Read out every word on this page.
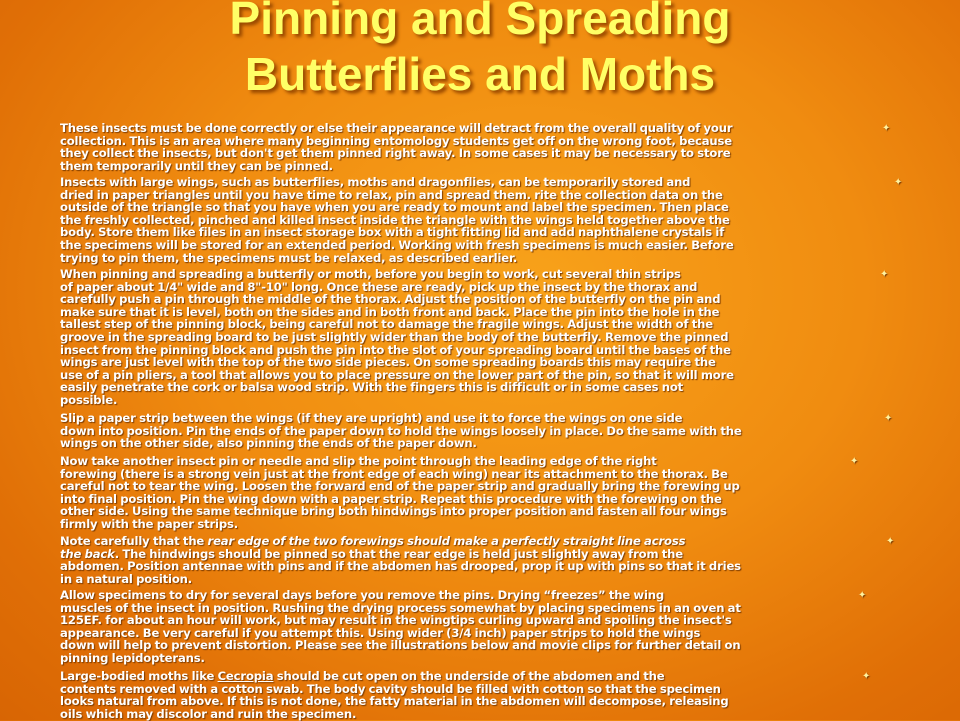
Pinning and Spreading
Butterflies and Moths
These insects must be done correctly or else their appearance will detract from the overall quality of your
collection. This is an area where many beginning entomology students get off on the wrong foot, because
they collect the insects, but don't get them pinned right away. In some cases it may be necessary to store
them temporarily until they can be pinned.
✦
Insects with large wings, such as butterflies, moths and dragonflies, can be temporarily stored and
dried in paper triangles until you have time to relax, pin and spread them. rite the collection data on the
outside of the triangle so that you have when you are ready to mount and label the specimen. Then place
the freshly collected, pinched and killed insect inside the triangle with the wings held together above the
body. Store them like files in an insect storage box with a tight fitting lid and add naphthalene crystals if
the specimens will be stored for an extended period. Working with fresh specimens is much easier. Before
trying to pin them, the specimens must be relaxed, as described earlier.
✦
When pinning and spreading a butterfly or moth, before you begin to work, cut several thin strips
of paper about 1/4" wide and 8"-10" long. Once these are ready, pick up the insect by the thorax and
carefully push a pin through the middle of the thorax. Adjust the position of the butterfly on the pin and
make sure that it is level, both on the sides and in both front and back. Place the pin into the hole in the
tallest step of the pinning block, being careful not to damage the fragile wings. Adjust the width of the
groove in the spreading board to be just slightly wider than the body of the butterfly. Remove the pinned
insect from the pinning block and push the pin into the slot of your spreading board until the bases of the
wings are just level with the top of the two side pieces. On some spreading boards this may require the
use of a pin pliers, a tool that allows you to place pressure on the lower part of the pin, so that it will more
easily penetrate the cork or balsa wood strip. With the fingers this is difficult or in some cases not
possible.
✦
Slip a paper strip between the wings (if they are upright) and use it to force the wings on one side
down into position. Pin the ends of the paper down to hold the wings loosely in place. Do the same with the
wings on the other side, also pinning the ends of the paper down.
✦
Now take another insect pin or needle and slip the point through the leading edge of the right
forewing (there is a strong vein just at the front edge of each wing) near its attachment to the thorax. Be
careful not to tear the wing. Loosen the forward end of the paper strip and gradually bring the forewing up
into final position. Pin the wing down with a paper strip. Repeat this procedure with the forewing on the
other side. Using the same technique bring both hindwings into proper position and fasten all four wings
firmly with the paper strips.
✦
Note carefully that the rear edge of the two forewings should make a perfectly straight line across
the back. The hindwings should be pinned so that the rear edge is held just slightly away from the
abdomen. Position antennae with pins and if the abdomen has drooped, prop it up with pins so that it dries
in a natural position.
✦
Allow specimens to dry for several days before you remove the pins. Drying “freezes” the wing
muscles of the insect in position. Rushing the drying process somewhat by placing specimens in an oven at
125EF. for about an hour will work, but may result in the wingtips curling upward and spoiling the insect's
appearance. Be very careful if you attempt this. Using wider (3/4 inch) paper strips to hold the wings
down will help to prevent distortion. Please see the illustrations below and movie clips for further detail on
pinning lepidopterans.
✦
Large-bodied moths like Cecropia should be cut open on the underside of the abdomen and the
contents removed with a cotton swab. The body cavity should be filled with cotton so that the specimen
looks natural from above. If this is not done, the fatty material in the abdomen will decompose, releasing
oils which may discolor and ruin the specimen.
✦
